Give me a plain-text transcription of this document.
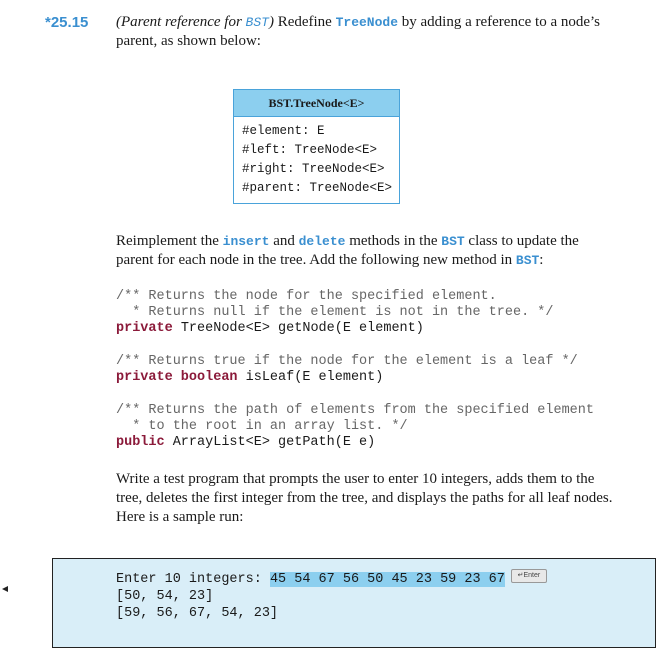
*25.15 (Parent reference for BST) Redefine TreeNode by adding a reference to a node’s parent, as shown below:
BST.TreeNode<E>
#element: E
#left: TreeNode<E>
#right: TreeNode<E>
#parent: TreeNode<E>
Reimplement the insert and delete methods in the BST class to update the parent for each node in the tree. Add the following new method in BST:
/** Returns the node for the specified element.
* Returns null if the element is not in the tree. */
private TreeNode<E> getNode(E element)
/** Returns true if the node for the element is a leaf */
private boolean isLeaf(E element)
/** Returns the path of elements from the specified element
* to the root in an array list. */
public ArrayList<E> getPath(E e)
Write a test program that prompts the user to enter 10 integers, adds them to the tree, deletes the first integer from the tree, and displays the paths for all leaf nodes. Here is a sample run:
Enter 10 integers: 45 54 67 56 50 45 23 59 23 67 ↵Enter
[50, 54, 23]
[59, 56, 67, 54, 23]
